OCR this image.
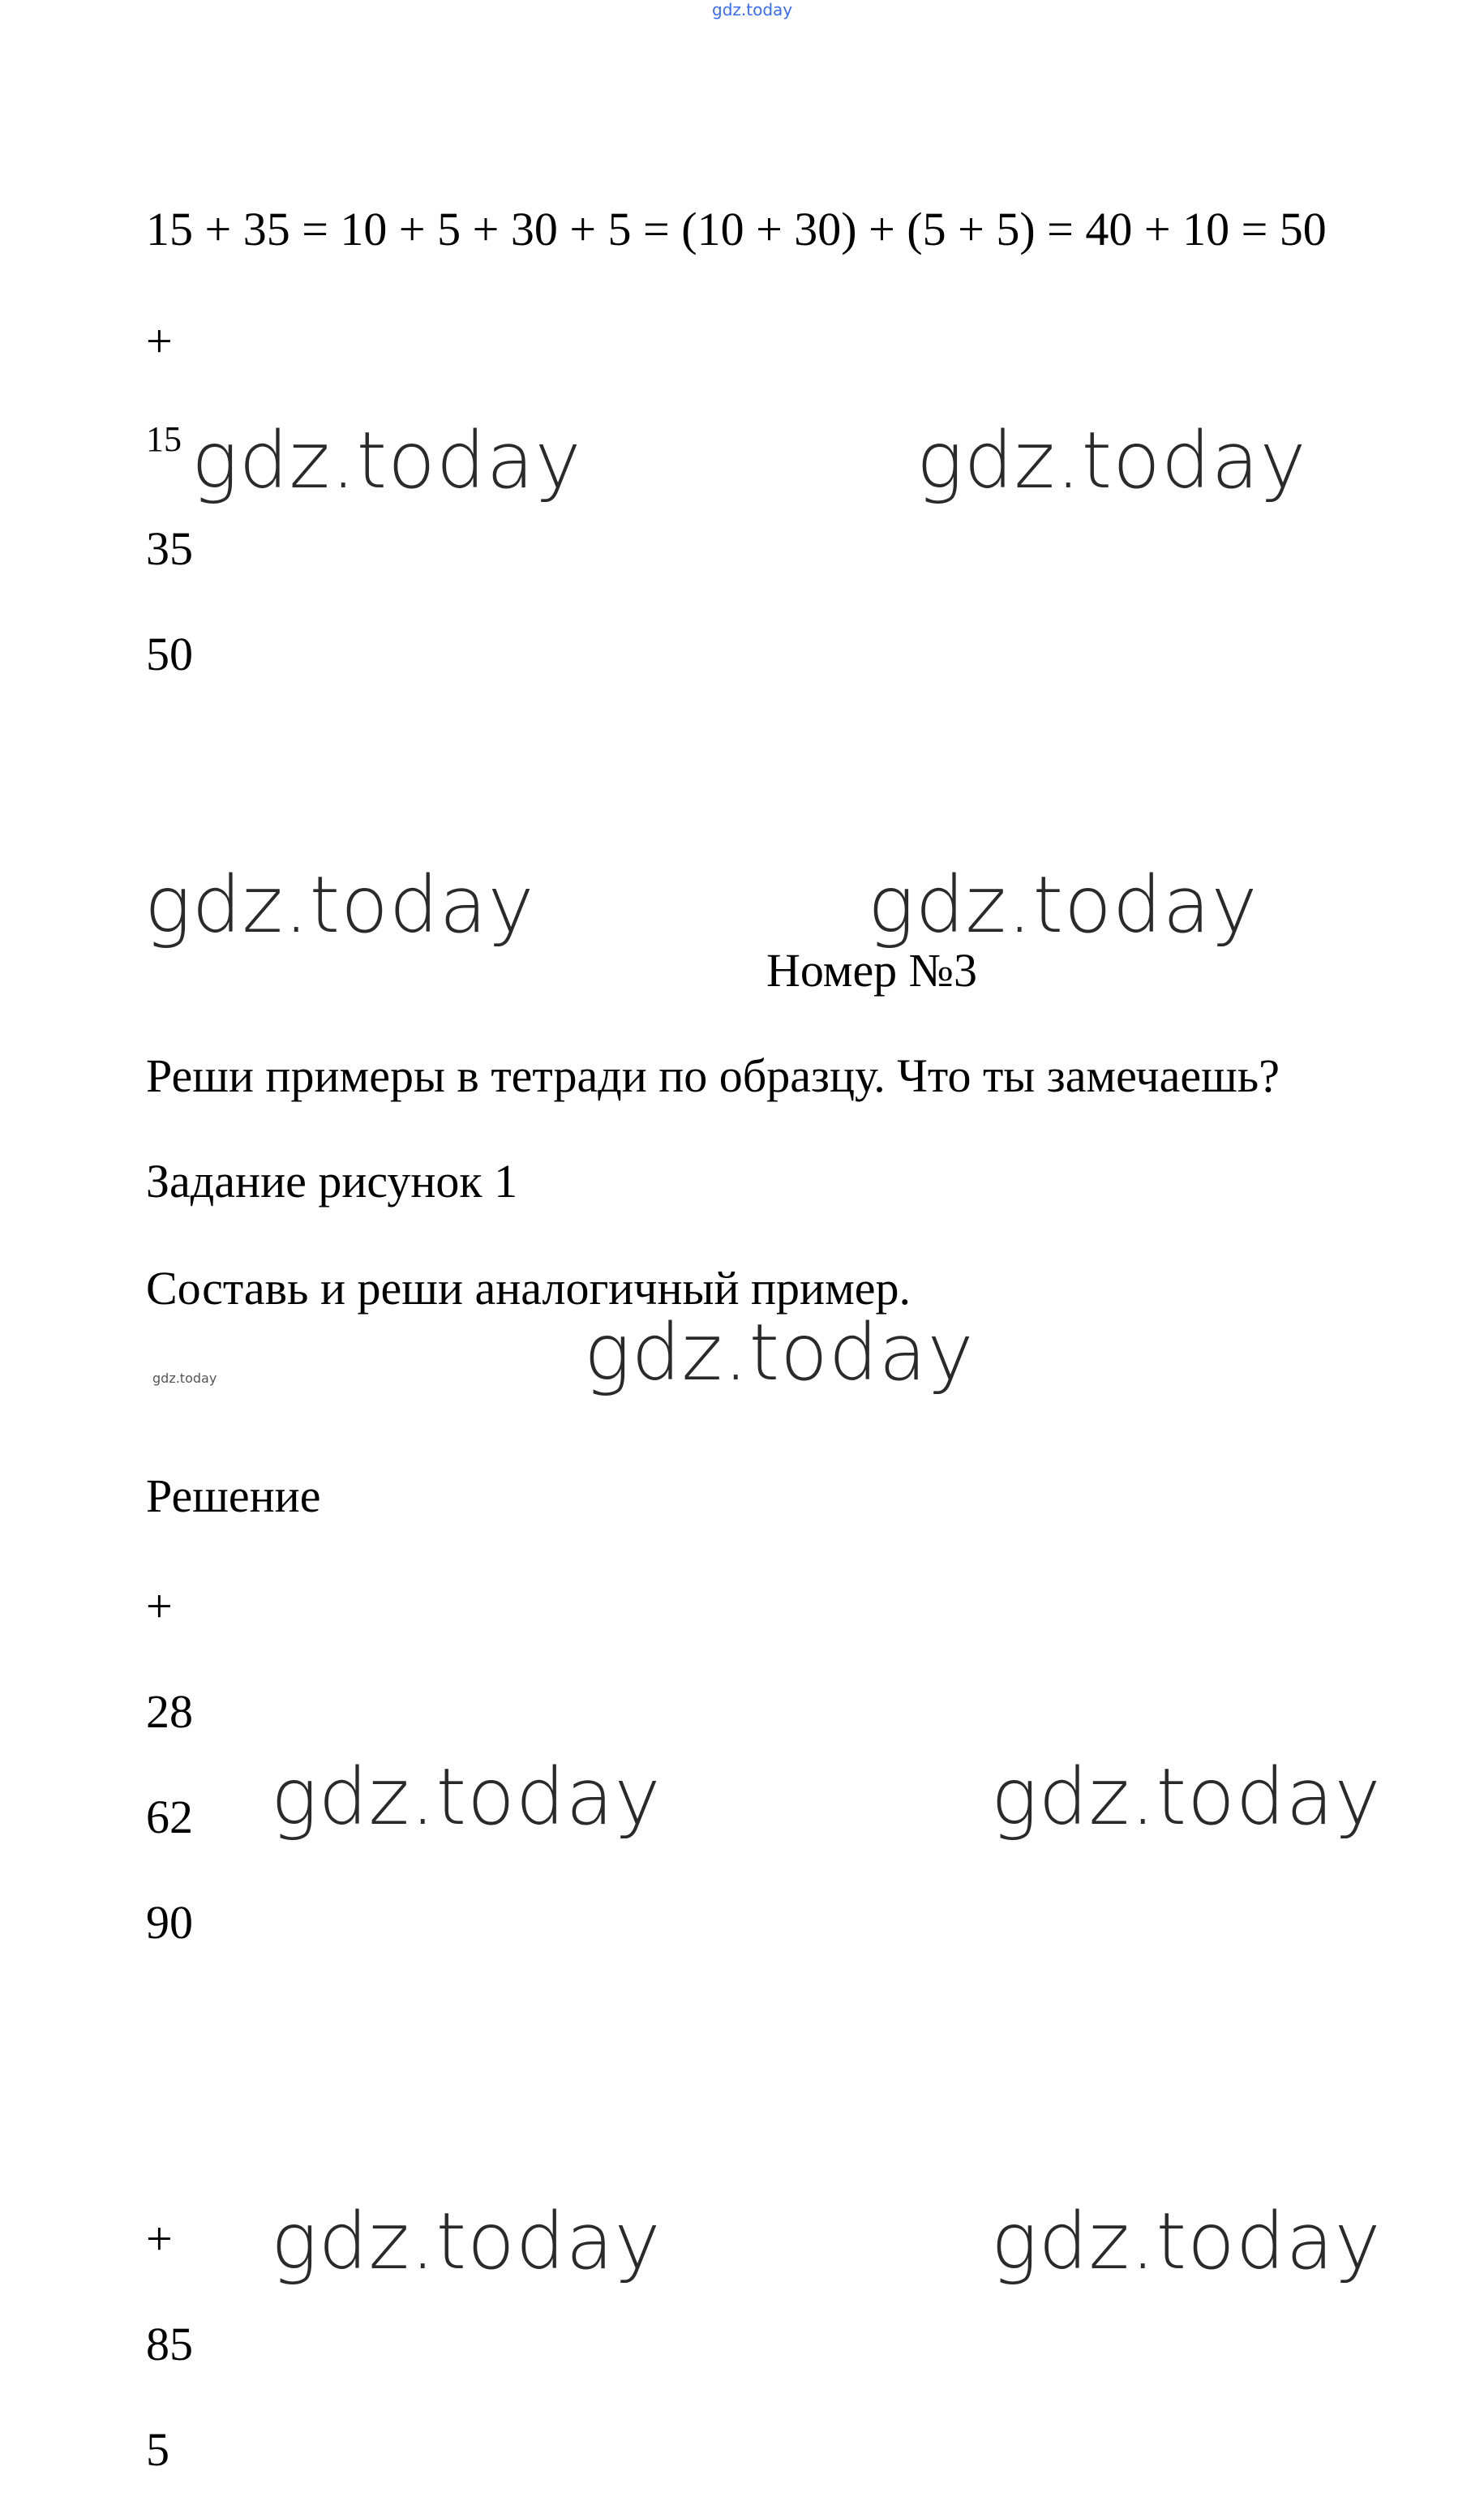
gdz.today
15 + 35 = 10 + 5 + 30 + 5 = (10 + 30) + (5 + 5) = 40 + 10 = 50
+
15 gdz.today	gdz.today
35
50
gdz.today	gdz.today
Номер №3
Реши примеры в тетради по образцу. Что ты замечаешь?
Задание рисунок 1
Составь и реши аналогичный пример.
gdz.today
gdz.today
Решение
+
28
62 gdz.today	gdz.today
90
+ gdz.today	gdz.today
85
5
